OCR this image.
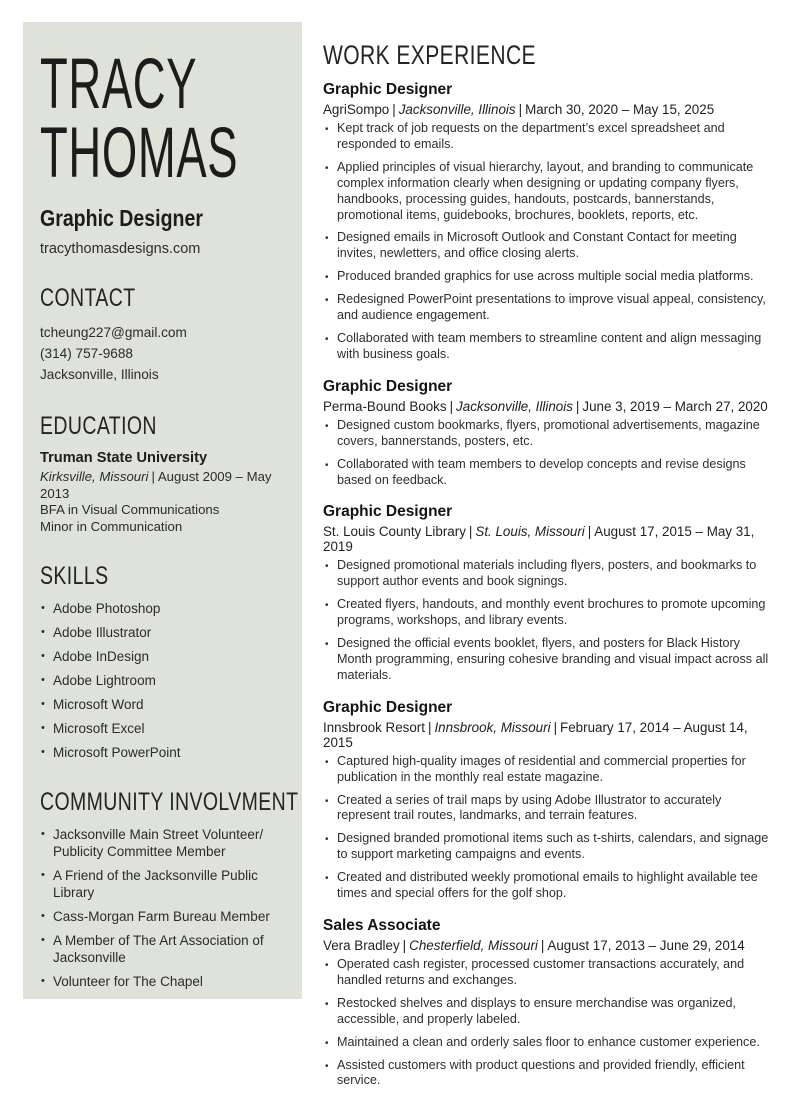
TRACY
THOMAS
Graphic Designer
tracythomasdesigns.com
CONTACT
tcheung227@gmail.com
(314) 757-9688
Jacksonville, Illinois
EDUCATION
Truman State University
Kirksville, Missouri | August 2009 – May 2013
BFA in Visual Communications
Minor in Communication
SKILLS
• Adobe Photoshop
• Adobe Illustrator
• Adobe InDesign
• Adobe Lightroom
• Microsoft Word
• Microsoft Excel
• Microsoft PowerPoint
COMMUNITY INVOLVMENT
• Jacksonville Main Street Volunteer/ Publicity Committee Member
• A Friend of the Jacksonville Public Library
• Cass-Morgan Farm Bureau Member
• A Member of The Art Association of Jacksonville
• Volunteer for The Chapel
WORK EXPERIENCE
Graphic Designer

AgriSompo | Jacksonville, Illinois | March 30, 2020 – May 15, 2025

• Kept track of job requests on the department’s excel spreadsheet and responded to emails.
• Applied principles of visual hierarchy, layout, and branding to communicate complex information clearly when designing or updating company flyers, handbooks, processing guides, handouts, postcards, bannerstands, promotional items, guidebooks, brochures, booklets, reports, etc.
• Designed emails in Microsoft Outlook and Constant Contact for meeting invites, newletters, and office closing alerts.
• Produced branded graphics for use across multiple social media platforms.
• Redesigned PowerPoint presentations to improve visual appeal, consistency, and audience engagement.
• Collaborated with team members to streamline content and align messaging with business goals.
Graphic Designer

Perma-Bound Books | Jacksonville, Illinois | June 3, 2019 – March 27, 2020

• Designed custom bookmarks, flyers, promotional advertisements, magazine covers, bannerstands, posters, etc.
• Collaborated with team members to develop concepts and revise designs based on feedback.
Graphic Designer

St. Louis County Library | St. Louis, Missouri | August 17, 2015 – May 31, 2019

• Designed promotional materials including flyers, posters, and bookmarks to support author events and book signings.
• Created flyers, handouts, and monthly event brochures to promote upcoming programs, workshops, and library events.
• Designed the official events booklet, flyers, and posters for Black History Month programming, ensuring cohesive branding and visual impact across all materials.
Graphic Designer

Innsbrook Resort | Innsbrook, Missouri | February 17, 2014 – August 14, 2015

• Captured high-quality images of residential and commercial properties for publication in the monthly real estate magazine.
• Created a series of trail maps by using Adobe Illustrator to accurately represent trail routes, landmarks, and terrain features.
• Designed branded promotional items such as t-shirts, calendars, and signage to support marketing campaigns and events.
• Created and distributed weekly promotional emails to highlight available tee times and special offers for the golf shop.
Sales Associate

Vera Bradley | Chesterfield, Missouri | August 17, 2013 – June 29, 2014

• Operated cash register, processed customer transactions accurately, and handled returns and exchanges.
• Restocked shelves and displays to ensure merchandise was organized, accessible, and properly labeled.
• Maintained a clean and orderly sales floor to enhance customer experience.
• Assisted customers with product questions and provided friendly, efficient service.
